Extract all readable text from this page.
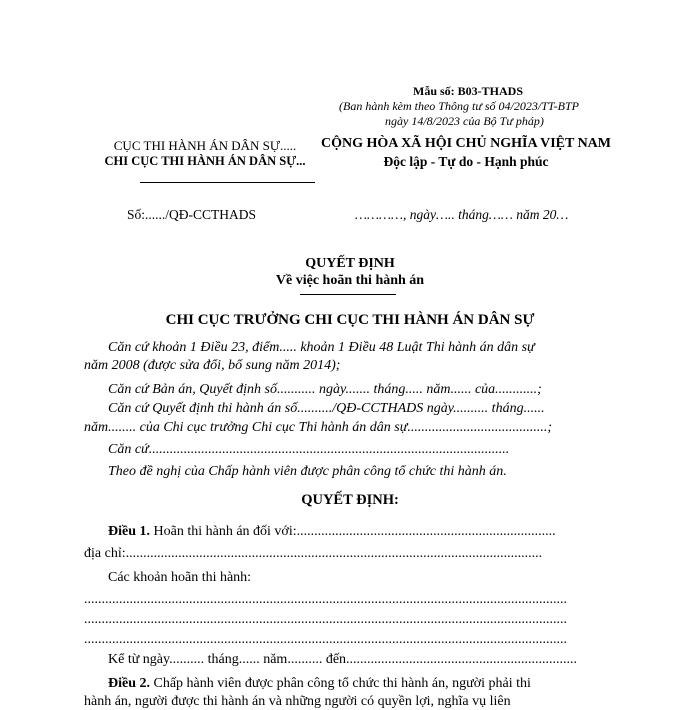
Mẫu số: B03-THADS
(Ban hành kèm theo Thông tư số 04/2023/TT-BTP
ngày 14/8/2023 của Bộ Tư pháp)
CỤC THI HÀNH ÁN DÂN SỰ.....
CHI CỤC THI HÀNH ÁN DÂN SỰ...
CỘNG HÒA XÃ HỘI CHỦ NGHĨA VIỆT NAM
Độc lập - Tự do - Hạnh phúc
Số:....../QĐ-CCTHADS	…………, ngày….. tháng…… năm 20…
QUYẾT ĐỊNH
Về việc hoãn thi hành án
CHI CỤC TRƯỞNG CHI CỤC THI HÀNH ÁN DÂN SỰ
Căn cứ khoản 1 Điều 23, điểm..... khoản 1 Điều 48 Luật Thi hành án dân sự
năm 2008 (được sửa đổi, bổ sung năm 2014);
Căn cứ Bản án, Quyết định số........... ngày....... tháng..... năm...... của............;
Căn cứ Quyết định thi hành án số........../QĐ-CCTHADS ngày.......... tháng......
năm........ của Chi cục trưởng Chi cục Thi hành án dân sự........................................;
Căn cứ.......................................................................................................
Theo đề nghị của Chấp hành viên được phân công tổ chức thi hành án.
QUYẾT ĐỊNH:
Điều 1. Hoãn thi hành án đối với:..........................................................................
địa chỉ:.......................................................................................................................
Các khoản hoãn thi hành:
..........................................................................................................................................
..........................................................................................................................................
..........................................................................................................................................
Kể từ ngày.......... tháng...... năm.......... đến..................................................................
Điều 2. Chấp hành viên được phân công tổ chức thi hành án, người phải thi
hành án, người được thi hành án và những người có quyền lợi, nghĩa vụ liên
